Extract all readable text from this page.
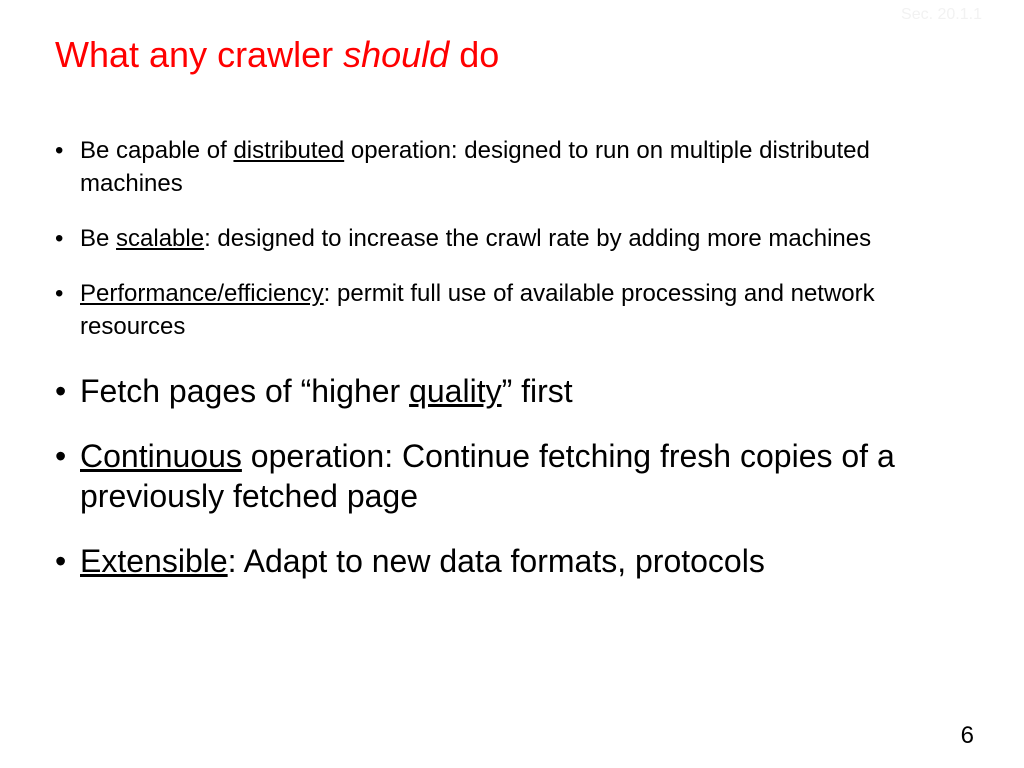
Sec. 20.1.1
What any crawler should do
• Be capable of distributed operation: designed to run on multiple distributed machines
• Be scalable: designed to increase the crawl rate by adding more machines
• Performance/efficiency: permit full use of available processing and network resources
• Fetch pages of “higher quality” first
• Continuous operation: Continue fetching fresh copies of a previously fetched page
• Extensible: Adapt to new data formats, protocols
6
